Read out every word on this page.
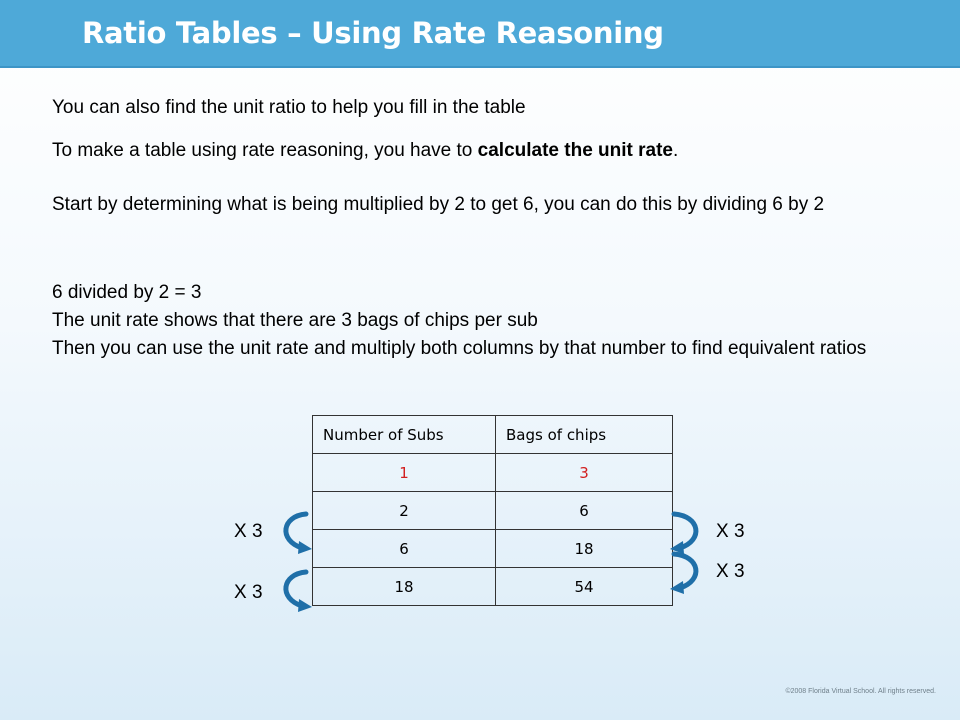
Ratio Tables – Using Rate Reasoning
You can also find the unit ratio to help you fill in the table
To make a table using rate reasoning, you have to calculate the unit rate.
Start by determining what is being multiplied by 2 to get 6, you can do this by dividing 6 by 2
6 divided by 2 = 3
The unit rate shows that there are 3 bags of chips per sub
Then you can use the unit rate and multiply both columns by that number to find equivalent ratios
Number of Subs	Bags of chips
1	3
2	6
6	18
18	54
X 3
X 3
X 3
X 3
©2008 Florida Virtual School. All rights reserved.
